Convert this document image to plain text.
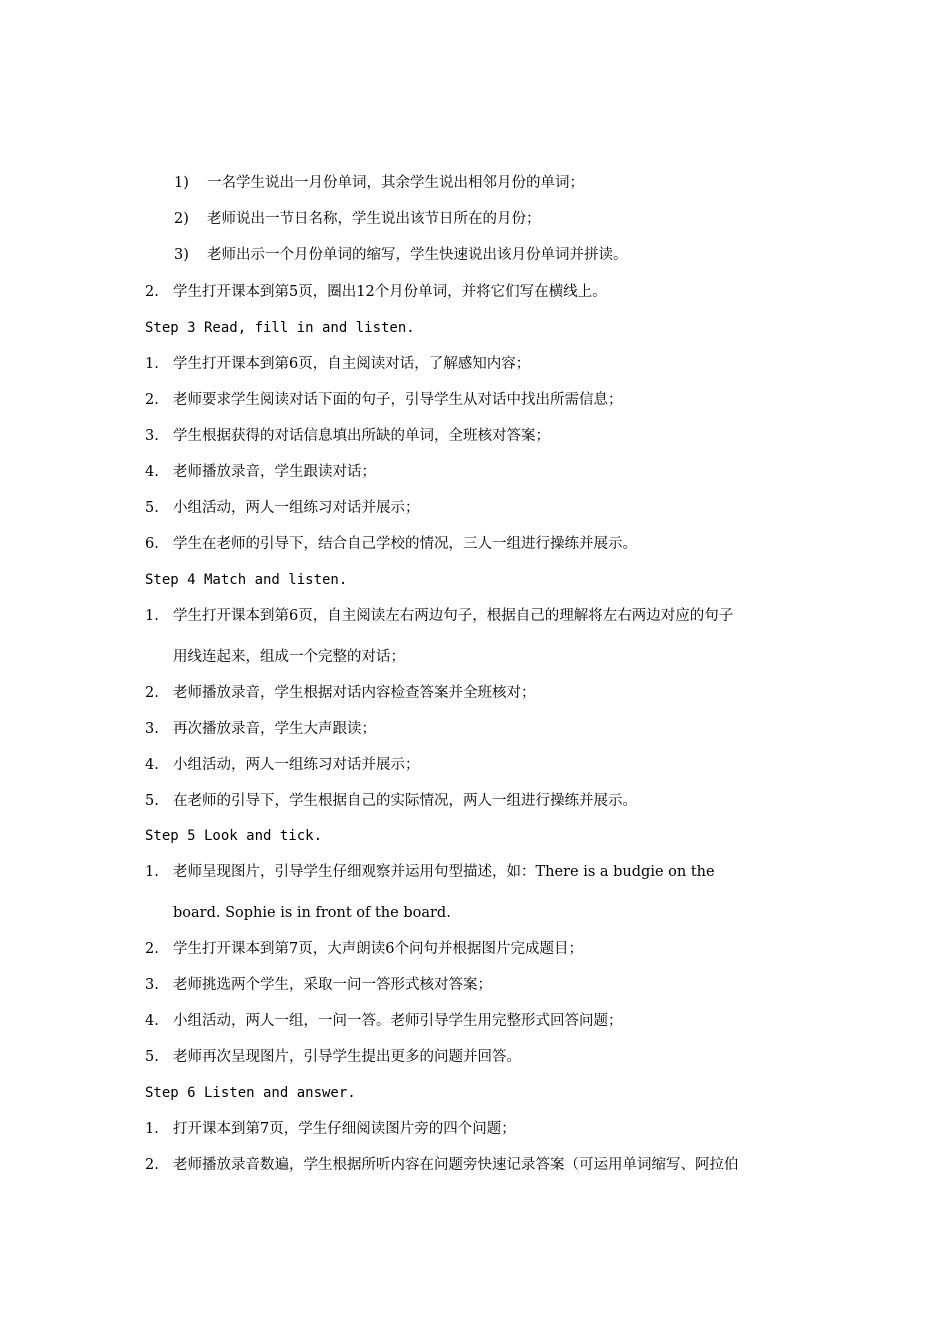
1) 一名学生说出一月份单词，其余学生说出相邻月份的单词；
2) 老师说出一节日名称，学生说出该节日所在的月份；
3) 老师出示一个月份单词的缩写，学生快速说出该月份单词并拼读。
2. 学生打开课本到第5页，圈出12个月份单词，并将它们写在横线上。
Step 3 Read, fill in and listen.
1. 学生打开课本到第6页，自主阅读对话，了解感知内容；
2. 老师要求学生阅读对话下面的句子，引导学生从对话中找出所需信息；
3. 学生根据获得的对话信息填出所缺的单词，全班核对答案；
4. 老师播放录音，学生跟读对话；
5. 小组活动，两人一组练习对话并展示；
6. 学生在老师的引导下，结合自己学校的情况，三人一组进行操练并展示。
Step 4 Match and listen.
1. 学生打开课本到第6页，自主阅读左右两边句子，根据自己的理解将左右两边对应的句子
用线连起来，组成一个完整的对话；
2. 老师播放录音，学生根据对话内容检查答案并全班核对；
3. 再次播放录音，学生大声跟读；
4. 小组活动，两人一组练习对话并展示；
5. 在老师的引导下，学生根据自己的实际情况，两人一组进行操练并展示。
Step 5 Look and tick.
1. 老师呈现图片，引导学生仔细观察并运用句型描述，如：There is a budgie on the
board. Sophie is in front of the board.
2. 学生打开课本到第7页，大声朗读6个问句并根据图片完成题目；
3. 老师挑选两个学生，采取一问一答形式核对答案；
4. 小组活动，两人一组，一问一答。老师引导学生用完整形式回答问题；
5. 老师再次呈现图片，引导学生提出更多的问题并回答。
Step 6 Listen and answer.
1. 打开课本到第7页，学生仔细阅读图片旁的四个问题；
2. 老师播放录音数遍，学生根据所听内容在问题旁快速记录答案（可运用单词缩写、阿拉伯
